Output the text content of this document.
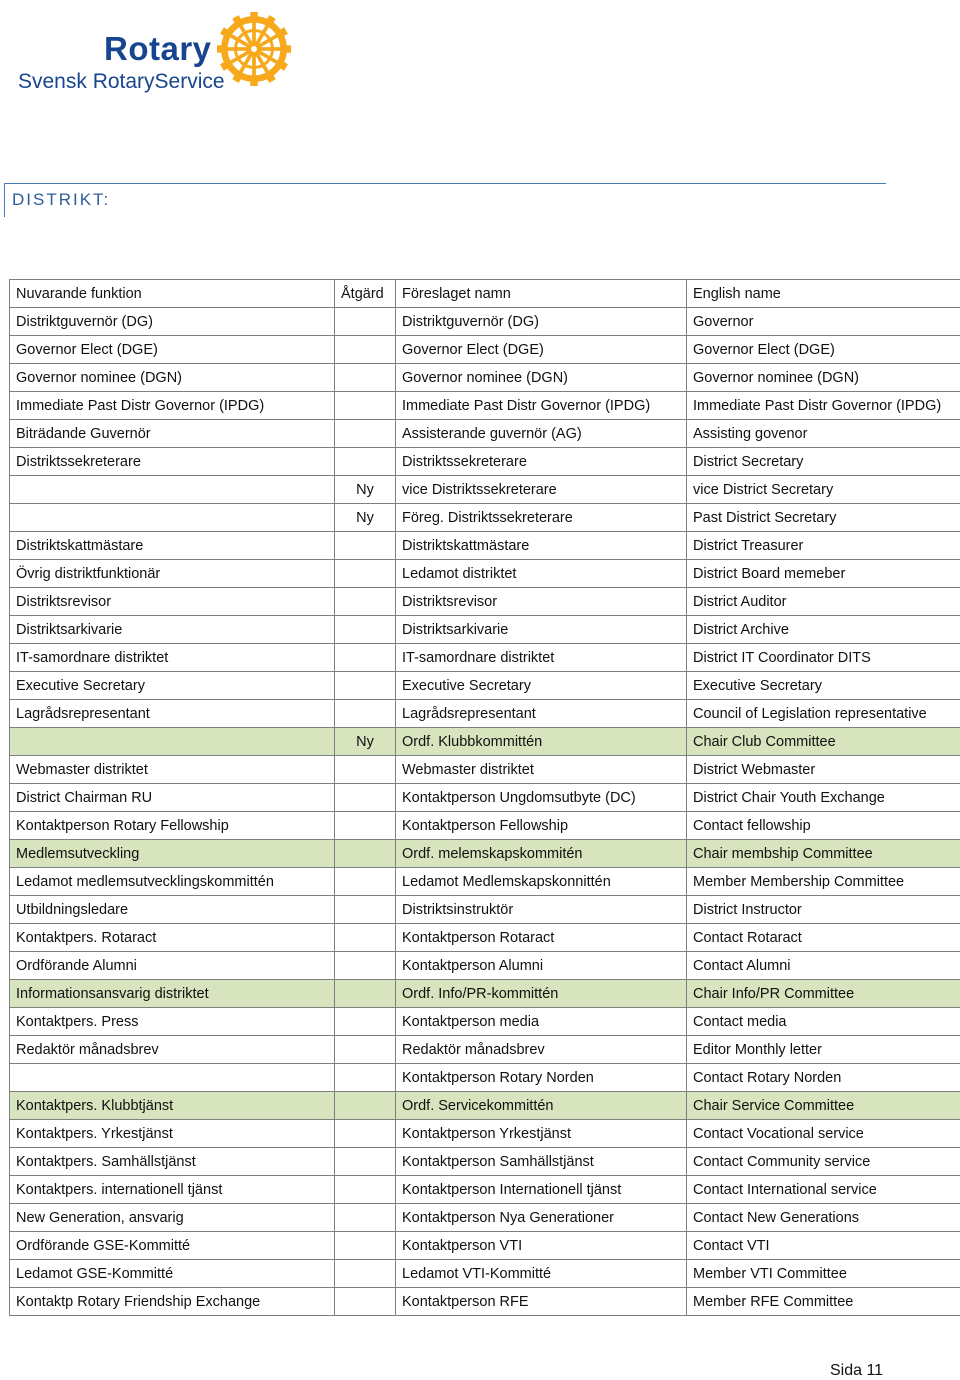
Rotary
Svensk RotaryService
DISTRIKT:
Nuvarande funktion	Åtgärd	Föreslaget namn	English name
Distriktguvernör (DG)		Distriktguvernör (DG)	Governor
Governor Elect (DGE)		Governor Elect (DGE)	Governor Elect (DGE)
Governor nominee (DGN)		Governor nominee (DGN)	Governor nominee (DGN)
Immediate Past Distr Governor (IPDG)		Immediate Past Distr Governor (IPDG)	Immediate Past Distr Governor (IPDG)
Biträdande Guvernör		Assisterande guvernör (AG)	Assisting govenor
Distriktssekreterare		Distriktssekreterare	District Secretary
	Ny	vice Distriktssekreterare	vice District Secretary
	Ny	Föreg. Distriktssekreterare	Past District Secretary
Distriktskattmästare		Distriktskattmästare	District Treasurer
Övrig distriktfunktionär		Ledamot distriktet	District Board memeber
Distriktsrevisor		Distriktsrevisor	District Auditor
Distriktsarkivarie		Distriktsarkivarie	District Archive
IT-samordnare distriktet		IT-samordnare distriktet	District IT Coordinator DITS
Executive Secretary		Executive Secretary	Executive Secretary
Lagrådsrepresentant		Lagrådsrepresentant	Council of Legislation representative
	Ny	Ordf. Klubbkommittén	Chair Club Committee
Webmaster distriktet		Webmaster distriktet	District Webmaster
District Chairman RU		Kontaktperson Ungdomsutbyte (DC)	District Chair Youth Exchange
Kontaktperson Rotary Fellowship		Kontaktperson Fellowship	Contact fellowship
Medlemsutveckling		Ordf. melemskapskommitén	Chair membship Committee
Ledamot medlemsutvecklingskommittén		Ledamot Medlemskapskonnittén	Member Membership Committee
Utbildningsledare		Distriktsinstruktör	District Instructor
Kontaktpers. Rotaract		Kontaktperson Rotaract	Contact Rotaract
Ordförande Alumni		Kontaktperson Alumni	Contact Alumni
Informationsansvarig distriktet		Ordf. Info/PR-kommittén	Chair Info/PR Committee
Kontaktpers. Press		Kontaktperson media	Contact media
Redaktör månadsbrev		Redaktör månadsbrev	Editor Monthly letter
		Kontaktperson Rotary Norden	Contact Rotary Norden
Kontaktpers. Klubbtjänst		Ordf. Servicekommittén	Chair Service Committee
Kontaktpers. Yrkestjänst		Kontaktperson Yrkestjänst	Contact Vocational service
Kontaktpers. Samhällstjänst		Kontaktperson Samhällstjänst	Contact Community service
Kontaktpers. internationell tjänst		Kontaktperson Internationell tjänst	Contact International service
New Generation, ansvarig		Kontaktperson Nya Generationer	Contact New Generations
Ordförande GSE-Kommitté		Kontaktperson VTI	Contact VTI
Ledamot GSE-Kommitté		Ledamot VTI-Kommitté	Member VTI Committee
Kontaktp Rotary Friendship Exchange		Kontaktperson RFE	Member RFE Committee
Sida 11
